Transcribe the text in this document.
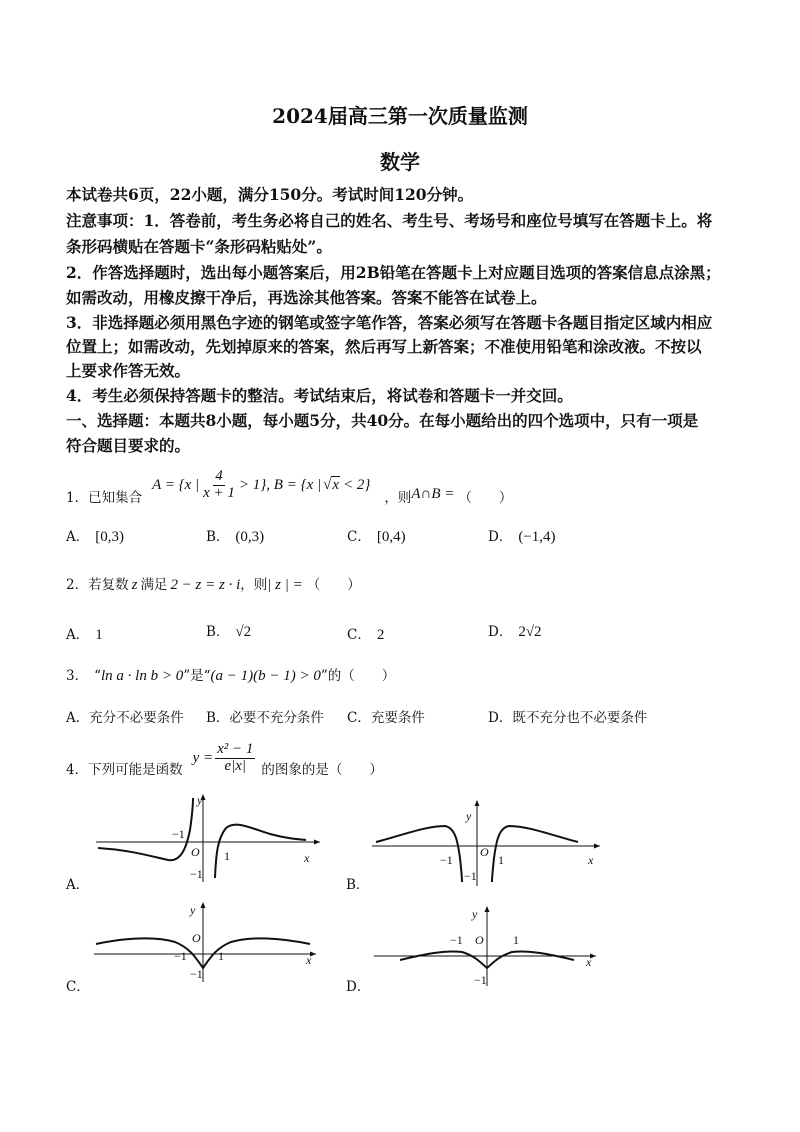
2024届高三第一次质量监测
数学
本试卷共6页，22小题，满分150分。考试时间120分钟。
注意事项：1．答卷前，考生务必将自己的姓名、考生号、考场号和座位号填写在答题卡上。将
条形码横贴在答题卡“条形码粘贴处”。
2．作答选择题时，选出每小题答案后，用2B铅笔在答题卡上对应题目选项的答案信息点涂黑；
如需改动，用橡皮擦干净后，再选涂其他答案。答案不能答在试卷上。
3．非选择题必须用黑色字迹的钢笔或签字笔作答，答案必须写在答题卡各题目指定区域内相应
位置上；如需改动，先划掉原来的答案，然后再写上新答案；不准使用铅笔和涂改液。不按以
上要求作答无效。
4．考生必须保持答题卡的整洁。考试结束后，将试卷和答题卡一并交回。
一、选择题：本题共8小题，每小题5分，共40分。在每小题给出的四个选项中，只有一项是
符合题目要求的。
1．已知集合
A = {x | $\frac{4}{x + 1} > 1$}, B = {x | √ x < 2}
，则 A∩B = （　　）
A． [0,3)	B． (0,3)	C． [0,4)	D． (−1,4)
2．若复数 z 满足 2 − z = z · i，则| z | = （　　）
A． 1	B． √2	C． 2	D． 2√2
3． “ln a · ln b > 0”是“(a − 1)(b − 1) > 0”的（　　）
A．充分不必要条件 B．必要不充分条件 C．充要条件	D．既不充分也不必要条件
4．下列可能是函数
$y = \frac{\text{x² − 1}}{e|x|}$ 的图象的是（　　）
y
x
O
−1
1
−1
A．
y
x
O
−1	1
−1
B．
y
x
O
−1	1
−1
C．
y
x
O
−1	1
−1
D．
